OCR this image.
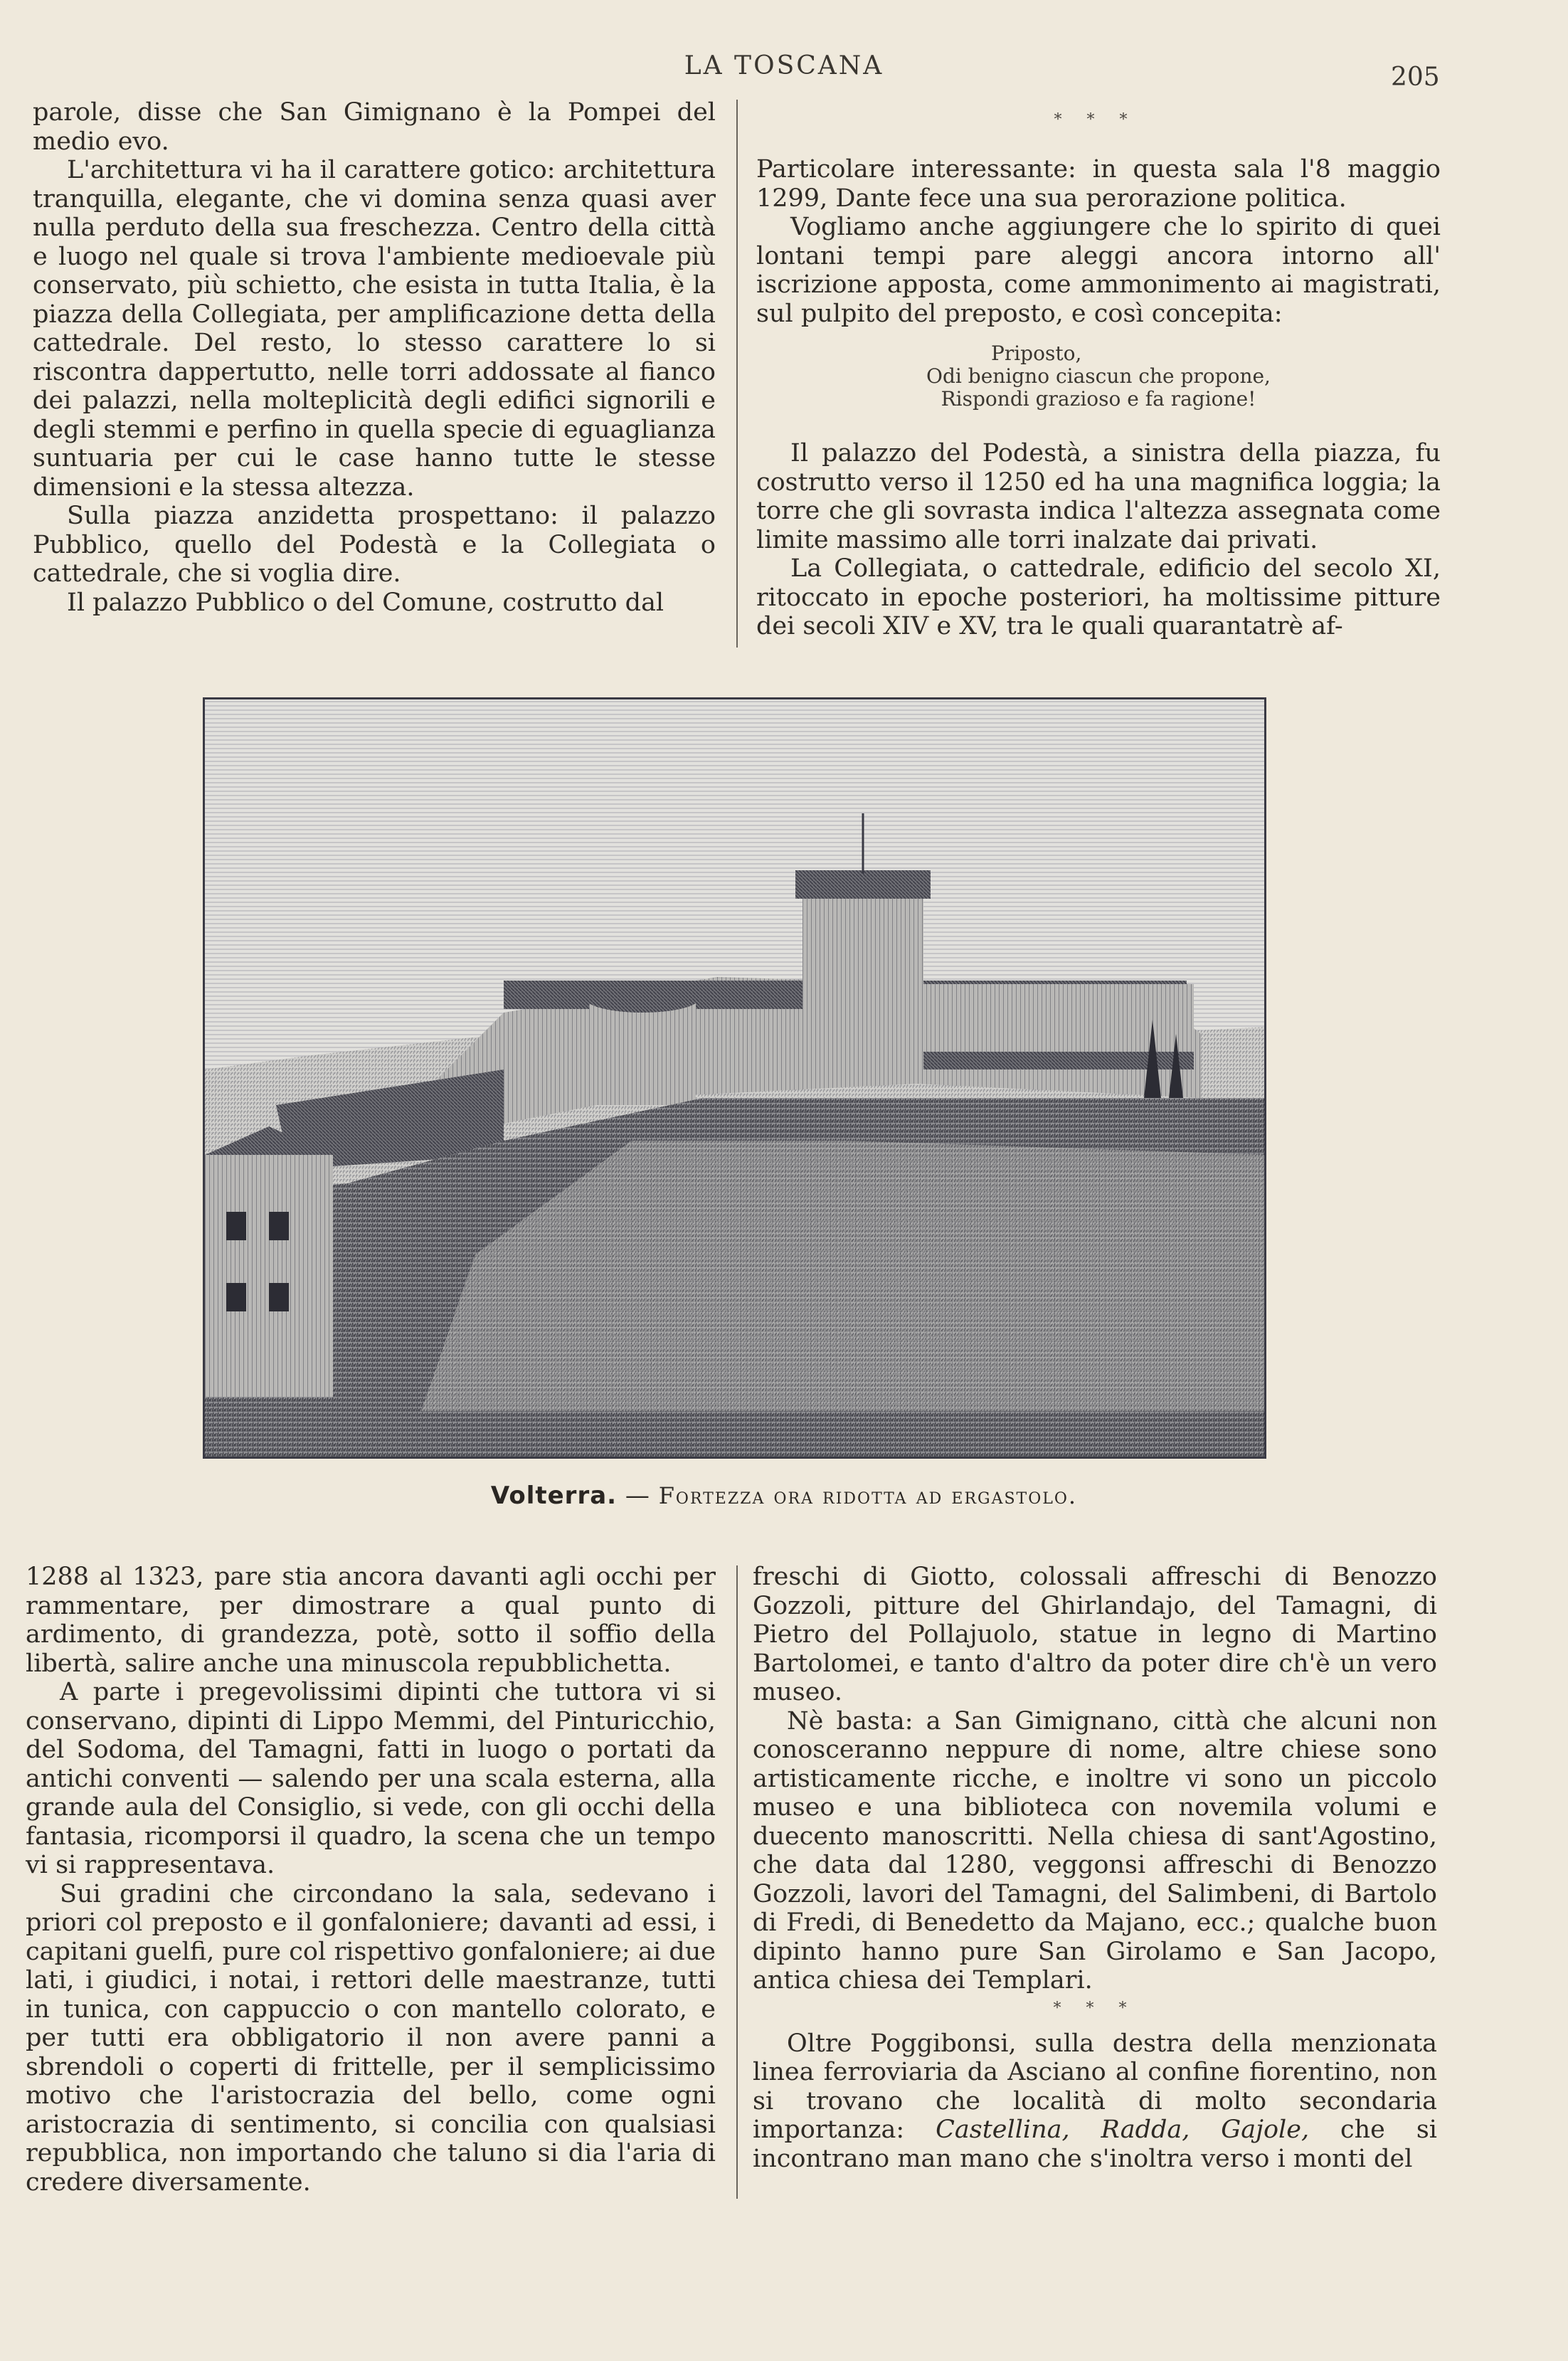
LA TOSCANA	205

parole, disse che San Gimignano è la Pompei del medio evo.

L'architettura vi ha il carattere gotico: architettura tranquilla, elegante, che vi domina senza quasi aver nulla perduto della sua freschezza. Centro della città e luogo nel quale si trova l'ambiente medioevale più conservato, più schietto, che esista in tutta Italia, è la piazza della Collegiata, per amplificazione detta della cattedrale. Del resto, lo stesso carattere lo si riscontra dappertutto, nelle torri addossate al fianco dei palazzi, nella molteplicità degli edifici signorili e degli stemmi e perfino in quella specie di eguaglianza suntuaria per cui le case hanno tutte le stesse dimensioni e la stessa altezza.

Sulla piazza anzidetta prospettano: il palazzo Pubblico, quello del Podestà e la Collegiata o cattedrale, che si voglia dire.

Il palazzo Pubblico o del Comune, costrutto dal

Particolare interessante: in questa sala l'8 maggio 1299, Dante fece una sua perorazione politica.

Vogliamo anche aggiungere che lo spirito di quei lontani tempi pare aleggi ancora intorno all' iscrizione apposta, come ammonimento ai magistrati, sul pulpito del preposto, e così concepita:

Priposto,
Odi benigno ciascun che propone,
Rispondi grazioso e fa ragione!

Il palazzo del Podestà, a sinistra della piazza, fu costrutto verso il 1250 ed ha una magnifica loggia; la torre che gli sovrasta indica l'altezza assegnata come limite massimo alle torri inalzate dai privati.

La Collegiata, o cattedrale, edificio del secolo XI, ritoccato in epoche posteriori, ha moltissime pitture dei secoli XIV e XV, tra le quali quarantatrè af-

* * *
Volterra. — Fortezza ora ridotta ad ergastolo.

1288 al 1323, pare stia ancora davanti agli occhi per rammentare, per dimostrare a qual punto di ardimento, di grandezza, potè, sotto il soffio della libertà, salire anche una minuscola repubblichetta.

A parte i pregevolissimi dipinti che tuttora vi si conservano, dipinti di Lippo Memmi, del Pinturicchio, del Sodoma, del Tamagni, fatti in luogo o portati da antichi conventi — salendo per una scala esterna, alla grande aula del Consiglio, si vede, con gli occhi della fantasia, ricomporsi il quadro, la scena che un tempo vi si rappresentava.

Sui gradini che circondano la sala, sedevano i priori col preposto e il gonfaloniere; davanti ad essi, i capitani guelfi, pure col rispettivo gonfaloniere; ai due lati, i giudici, i notai, i rettori delle maestranze, tutti in tunica, con cappuccio o con mantello colorato, e per tutti era obbligatorio il non avere panni a sbrendoli o coperti di frittelle, per il semplicissimo motivo che l'aristocrazia del bello, come ogni aristocrazia di sentimento, si concilia con qualsiasi repubblica, non importando che taluno si dia l'aria di credere diversamente.

freschi di Giotto, colossali affreschi di Benozzo Gozzoli, pitture del Ghirlandajo, del Tamagni, di Pietro del Pollajuolo, statue in legno di Martino Bartolomei, e tanto d'altro da poter dire ch'è un vero museo.

Nè basta: a San Gimignano, città che alcuni non conosceranno neppure di nome, altre chiese sono artisticamente ricche, e inoltre vi sono un piccolo museo e una biblioteca con novemila volumi e duecento manoscritti. Nella chiesa di sant'Agostino, che data dal 1280, veggonsi affreschi di Benozzo Gozzoli, lavori del Tamagni, del Salimbeni, di Bartolo di Fredi, di Benedetto da Majano, ecc.; qualche buon dipinto hanno pure San Girolamo e San Jacopo, antica chiesa dei Templari.

* * *

Oltre Poggibonsi, sulla destra della menzionata linea ferroviaria da Asciano al confine fiorentino, non si trovano che località di molto secondaria importanza: Castellina, Radda, Gajole, che si incontrano man mano che s'inoltra verso i monti del
